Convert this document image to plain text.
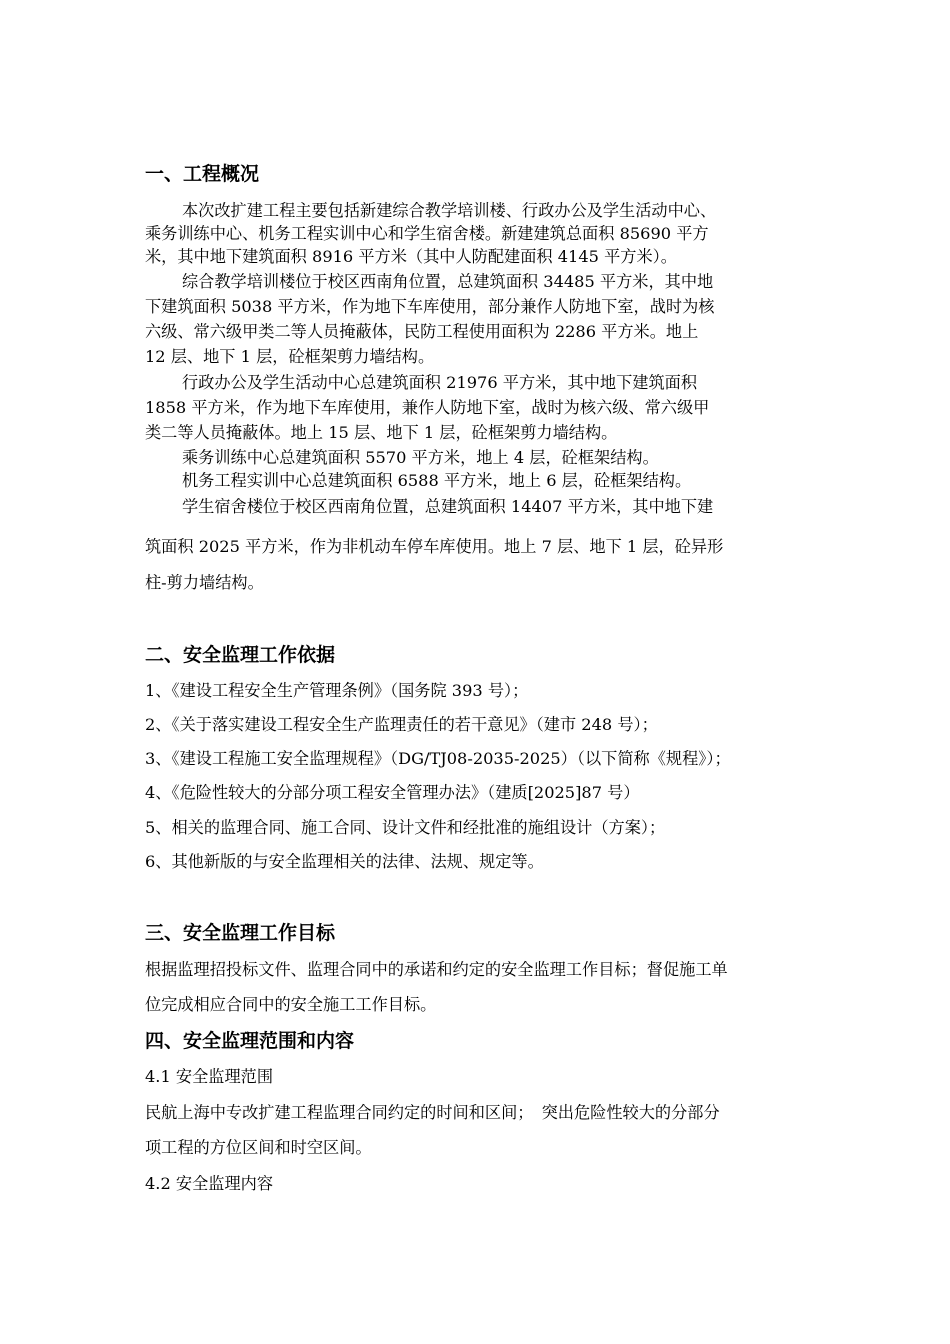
一、工程概况
本次改扩建工程主要包括新建综合教学培训楼、行政办公及学生活动中心、
乘务训练中心、机务工程实训中心和学生宿舍楼。新建建筑总面积 85690 平方
米，其中地下建筑面积 8916 平方米（其中人防配建面积 4145 平方米）。
综合教学培训楼位于校区西南角位置，总建筑面积 34485 平方米，其中地
下建筑面积 5038 平方米，作为地下车库使用，部分兼作人防地下室，战时为核
六级、常六级甲类二等人员掩蔽体，民防工程使用面积为 2286 平方米。地上
12 层、地下 1 层，砼框架剪力墙结构。
行政办公及学生活动中心总建筑面积 21976 平方米，其中地下建筑面积
1858 平方米，作为地下车库使用，兼作人防地下室，战时为核六级、常六级甲
类二等人员掩蔽体。地上 15 层、地下 1 层，砼框架剪力墙结构。
乘务训练中心总建筑面积 5570 平方米，地上 4 层，砼框架结构。
机务工程实训中心总建筑面积 6588 平方米，地上 6 层，砼框架结构。
学生宿舍楼位于校区西南角位置，总建筑面积 14407 平方米，其中地下建
筑面积 2025 平方米，作为非机动车停车库使用。地上 7 层、地下 1 层，砼异形
柱-剪力墙结构。
二、安全监理工作依据
1、《建设工程安全生产管理条例》（国务院 393 号）；
2、《关于落实建设工程安全生产监理责任的若干意见》（建市 248 号）；
3、《建设工程施工安全监理规程》（DG/TJ08-2035-2025）（以下简称《规程》）；
4、《危险性较大的分部分项工程安全管理办法》（建质[2025]87 号）
5、相关的监理合同、施工合同、设计文件和经批准的施组设计（方案）；
6、其他新版的与安全监理相关的法律、法规、规定等。
三、安全监理工作目标
根据监理招投标文件、监理合同中的承诺和约定的安全监理工作目标；督促施工单
位完成相应合同中的安全施工工作目标。
四、安全监理范围和内容
4.1 安全监理范围
民航上海中专改扩建工程监理合同约定的时间和区间；　突出危险性较大的分部分
项工程的方位区间和时空区间。
4.2 安全监理内容
